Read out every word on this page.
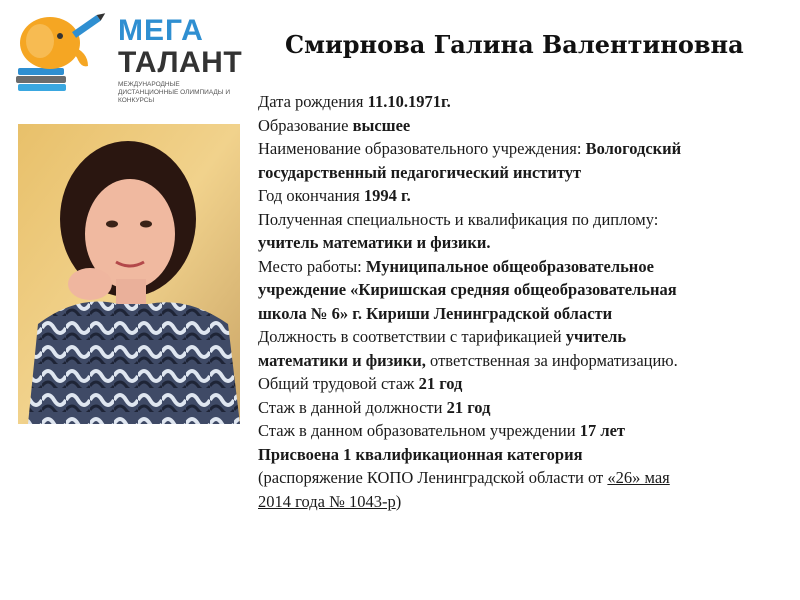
МЕГА
ТАЛАНТ
МЕЖДУНАРОДНЫЕ ДИСТАНЦИОННЫЕ ОЛИМПИАДЫ И КОНКУРСЫ
Смирнова Галина Валентиновна
Дата рождения 11.10.1971г.
Образование высшее
Наименование образовательного учреждения: Вологодский
государственный педагогический институт
Год окончания 1994 г.
Полученная специальность и квалификация по диплому:
учитель математики и физики.
Место работы: Муниципальное общеобразовательное
учреждение «Киришская средняя общеобразовательная
школа № 6» г. Кириши Ленинградской области
Должность в соответствии с тарификацией учитель
математики и физики, ответственная за информатизацию.
Общий трудовой стаж 21 год
Стаж в данной должности 21 год
Стаж в данном образовательном учреждении 17 лет
Присвоена 1 квалификационная категория
(распоряжение КОПО Ленинградской области от «26» мая
2014 года № 1043-р)
